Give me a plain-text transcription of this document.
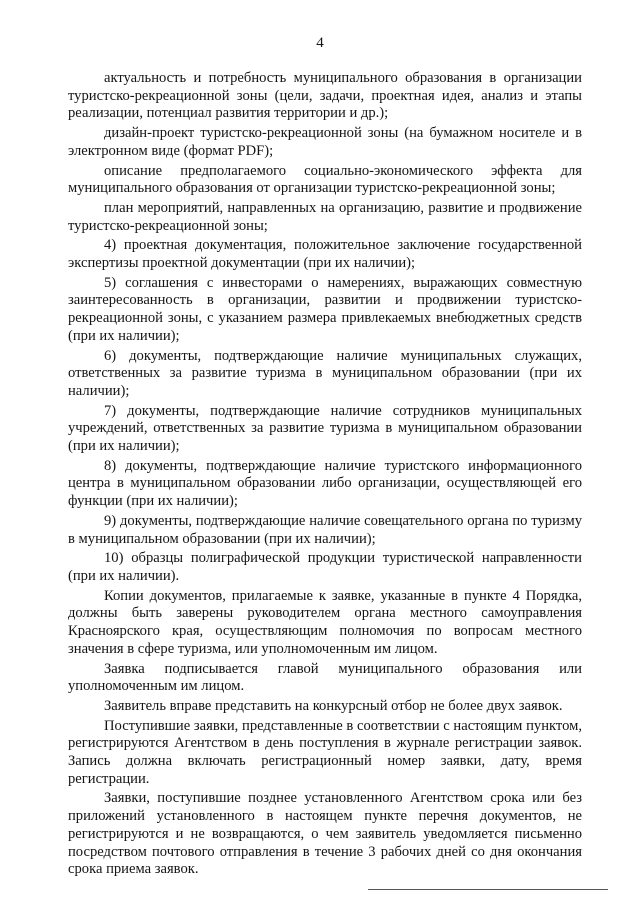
4

актуальность и потребность муниципального образования в организации туристско-рекреационной зоны (цели, задачи, проектная идея, анализ и этапы реализации, потенциал развития территории и др.);

дизайн-проект туристско-рекреационной зоны (на бумажном носителе и в электронном виде (формат PDF);

описание предполагаемого социально-экономического эффекта для муниципального образования от организации туристско-рекреационной зоны;

план мероприятий, направленных на организацию, развитие и продвижение туристско-рекреационной зоны;

4) проектная документация, положительное заключение государственной экспертизы проектной документации (при их наличии);

5) соглашения с инвесторами о намерениях, выражающих совместную заинтересованность в организации, развитии и продвижении туристско-рекреационной зоны, с указанием размера привлекаемых внебюджетных средств (при их наличии);

6) документы, подтверждающие наличие муниципальных служащих, ответственных за развитие туризма в муниципальном образовании (при их наличии);

7) документы, подтверждающие наличие сотрудников муниципальных учреждений, ответственных за развитие туризма в муниципальном образовании (при их наличии);

8) документы, подтверждающие наличие туристского информационного центра в муниципальном образовании либо организации, осуществляющей его функции (при их наличии);

9) документы, подтверждающие наличие совещательного органа по туризму в муниципальном образовании (при их наличии);

10) образцы полиграфической продукции туристической направленности (при их наличии).

Копии документов, прилагаемые к заявке, указанные в пункте 4 Порядка, должны быть заверены руководителем органа местного самоуправления Красноярского края, осуществляющим полномочия по вопросам местного значения в сфере туризма, или уполномоченным им лицом.

Заявка подписывается главой муниципального образования или уполномоченным им лицом.

Заявитель вправе представить на конкурсный отбор не более двух заявок.

Поступившие заявки, представленные в соответствии с настоящим пунктом, регистрируются Агентством в день поступления в журнале регистрации заявок. Запись должна включать регистрационный номер заявки, дату, время регистрации.

Заявки, поступившие позднее установленного Агентством срока или без приложений установленного в настоящем пункте перечня документов, не регистрируются и не возвращаются, о чем заявитель уведомляется письменно посредством почтового отправления в течение 3 рабочих дней со дня окончания срока приема заявок.
